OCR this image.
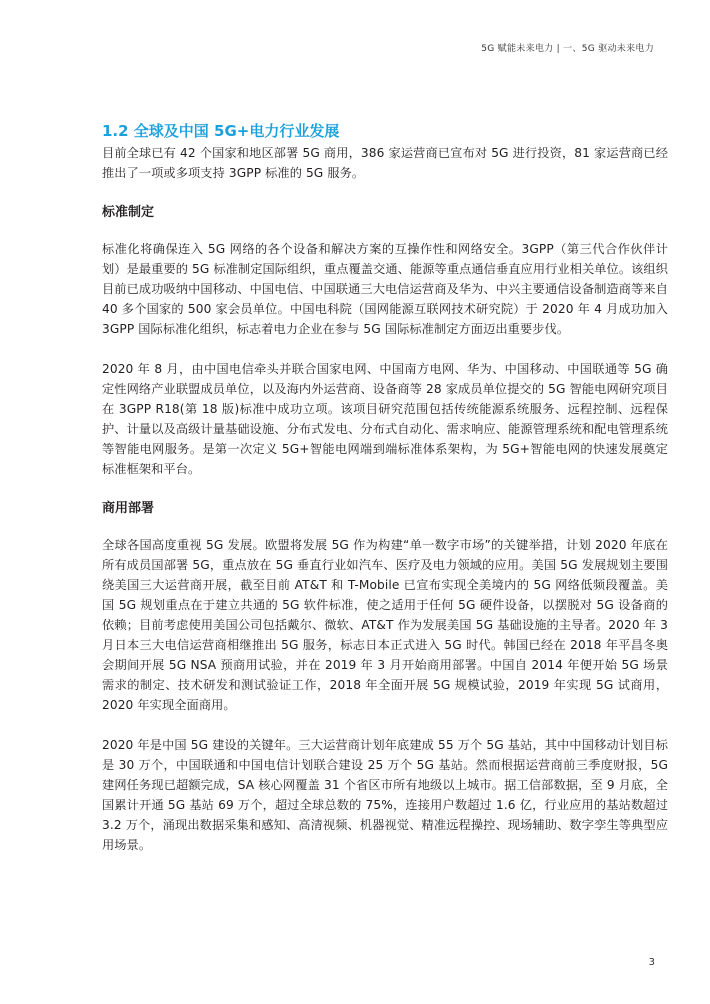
5G 赋能未来电力 | 一、5G 驱动未来电力
1.2 全球及中国 5G+电力行业发展

目前全球已有 42 个国家和地区部署 5G 商用，386 家运营商已宣布对 5G 进行投资，81 家运营商已经推出了一项或多项支持 3GPP 标准的 5G 服务。

标准制定

标准化将确保连入 5G 网络的各个设备和解决方案的互操作性和网络安全。3GPP（第三代合作伙伴计划）是最重要的 5G 标准制定国际组织，重点覆盖交通、能源等重点通信垂直应用行业相关单位。该组织目前已成功吸纳中国移动、中国电信、中国联通三大电信运营商及华为、中兴主要通信设备制造商等来自 40 多个国家的 500 家会员单位。中国电科院（国网能源互联网技术研究院）于 2020 年 4 月成功加入 3GPP 国际标准化组织，标志着电力企业在参与 5G 国际标准制定方面迈出重要步伐。

2020 年 8 月，由中国电信牵头并联合国家电网、中国南方电网、华为、中国移动、中国联通等 5G 确定性网络产业联盟成员单位，以及海内外运营商、设备商等 28 家成员单位提交的 5G 智能电网研究项目在 3GPP R18(第 18 版)标准中成功立项。该项目研究范围包括传统能源系统服务、远程控制、远程保护、计量以及高级计量基础设施、分布式发电、分布式自动化、需求响应、能源管理系统和配电管理系统等智能电网服务。是第一次定义 5G+智能电网端到端标准体系架构，为 5G+智能电网的快速发展奠定标准框架和平台。

商用部署

全球各国高度重视 5G 发展。欧盟将发展 5G 作为构建“单一数字市场”的关键举措，计划 2020 年底在所有成员国部署 5G，重点放在 5G 垂直行业如汽车、医疗及电力领域的应用。美国 5G 发展规划主要围绕美国三大运营商开展，截至目前 AT&T 和 T-Mobile 已宣布实现全美境内的 5G 网络低频段覆盖。美国 5G 规划重点在于建立共通的 5G 软件标准，使之适用于任何 5G 硬件设备，以摆脱对 5G 设备商的依赖；目前考虑使用美国公司包括戴尔、微软、AT&T 作为发展美国 5G 基础设施的主导者。2020 年 3 月日本三大电信运营商相继推出 5G 服务，标志日本正式进入 5G 时代。韩国已经在 2018 年平昌冬奥会期间开展 5G NSA 预商用试验，并在 2019 年 3 月开始商用部署。中国自 2014 年便开始 5G 场景需求的制定、技术研发和测试验证工作，2018 年全面开展 5G 规模试验，2019 年实现 5G 试商用，2020 年实现全面商用。

2020 年是中国 5G 建设的关键年。三大运营商计划年底建成 55 万个 5G 基站，其中中国移动计划目标是 30 万个，中国联通和中国电信计划联合建设 25 万个 5G 基站。然而根据运营商前三季度财报，5G 建网任务现已超额完成，SA 核心网覆盖 31 个省区市所有地级以上城市。据工信部数据，至 9 月底，全国累计开通 5G 基站 69 万个，超过全球总数的 75%，连接用户数超过 1.6 亿，行业应用的基站数超过 3.2 万个，涌现出数据采集和感知、高清视频、机器视觉、精准远程操控、现场辅助、数字孪生等典型应用场景。

3
